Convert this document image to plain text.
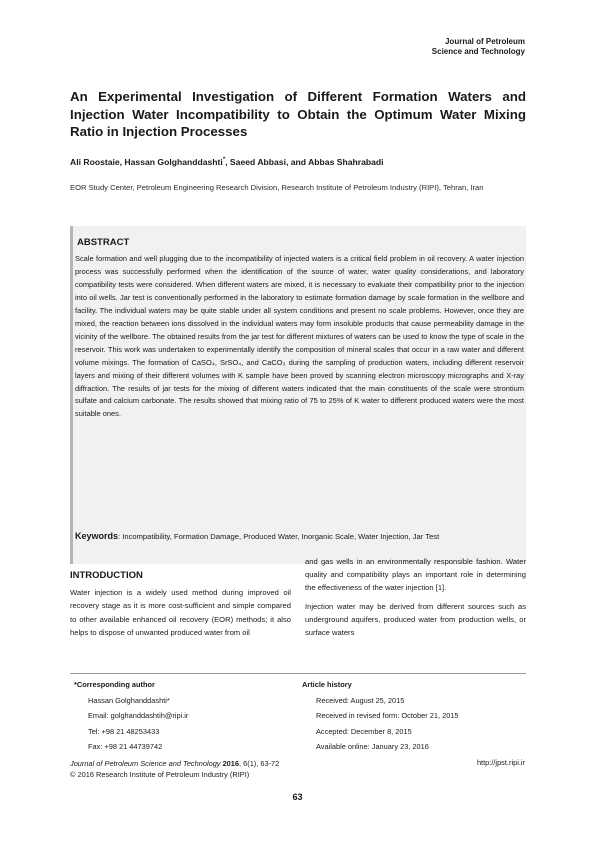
Journal of Petroleum
Science and Technology
An Experimental Investigation of Different Formation Waters and Injection Water Incompatibility to Obtain the Optimum Water Mixing Ratio in Injection Processes

Ali Roostaie, Hassan Golghanddashti*, Saeed Abbasi, and Abbas Shahrabadi

EOR Study Center, Petroleum Engineering Research Division, Research Institute of Petroleum Industry (RIPI), Tehran, Iran

ABSTRACT

Scale formation and well plugging due to the incompatibility of injected waters is a critical field problem in oil recovery. A water injection process was successfully performed when the identification of the source of water, water quality considerations, and laboratory compatibility tests were considered. When different waters are mixed, it is necessary to evaluate their compatibility prior to the injection into oil wells. Jar test is conventionally performed in the laboratory to estimate formation damage by scale formation in the wellbore and facility. The individual waters may be quite stable under all system conditions and present no scale problems. However, once they are mixed, the reaction between ions dissolved in the individual waters may form insoluble products that cause permeability damage in the vicinity of the wellbore. The obtained results from the jar test for different mixtures of waters can be used to know the type of scale in the reservoir. This work was undertaken to experimentally identify the composition of mineral scales that occur in a raw water and different volume mixings. The formation of CaSO₄, SrSO₄, and CaCO₃ during the sampling of production waters, including different reservoir layers and mixing of their different volumes with K sample have been proved by scanning electron microscopy micrographs and X-ray diffraction. The results of jar tests for the mixing of different waters indicated that the main constituents of the scale were strontium sulfate and calcium carbonate. The results showed that mixing ratio of 75 to 25% of K water to different produced waters were the most suitable ones.

Keywords: Incompatibility, Formation Damage, Produced Water, Inorganic Scale, Water Injection, Jar Test

INTRODUCTION

Water injection is a widely used method during improved oil recovery stage as it is more cost-sufficient and simple compared to other available enhanced oil recovery (EOR) methods; it also helps to dispose of unwanted produced water from oil

and gas wells in an environmentally responsible fashion. Water quality and compatibility plays an important role in determining the effectiveness of the water injection [1].

Injection water may be derived from different sources such as underground aquifers, produced water from production wells, or surface waters

*Corresponding author
Hassan Golghanddashti*
Email: golghanddashtih@ripi.ir
Tel: +98 21 48253433
Fax: +98 21 44739742
Article history
Received: August 25, 2015
Received in revised form: October 21, 2015
Accepted: December 8, 2015
Available online: January 23, 2016
Journal of Petroleum Science and Technology 2016, 6(1), 63-72
© 2016 Research Institute of Petroleum Industry (RIPI)
http://jpst.ripi.ir
63
